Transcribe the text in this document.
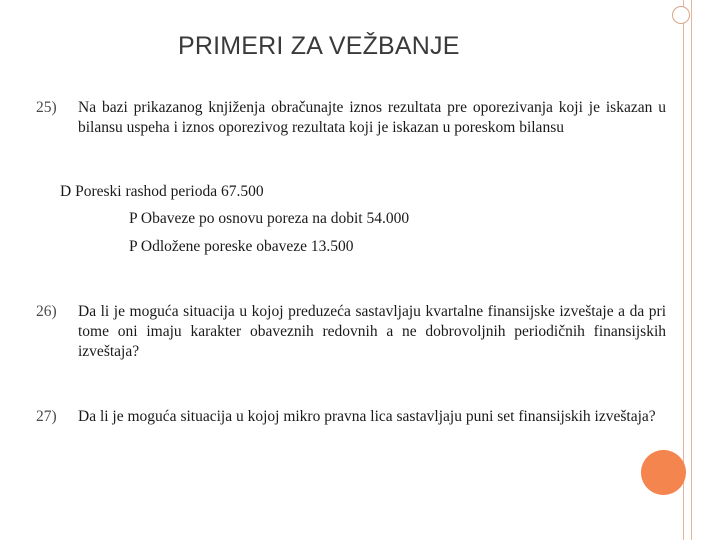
PRIMERI ZA VEŽBANJE
25) Na bazi prikazanog knjiženja obračunajte iznos rezultata pre oporezivanja koji je iskazan u bilansu uspeha i iznos oporezivog rezultata koji je iskazan u poreskom bilansu
D Poreski rashod perioda 67.500
P Obaveze po osnovu poreza na dobit 54.000
P Odložene poreske obaveze 13.500
26) Da li je moguća situacija u kojoj preduzeća sastavljaju kvartalne finansijske izveštaje a da pri tome oni imaju karakter obaveznih redovnih a ne dobrovoljnih periodičnih finansijskih izveštaja?
27) Da li je moguća situacija u kojoj mikro pravna lica sastavljaju puni set finansijskih izveštaja?
